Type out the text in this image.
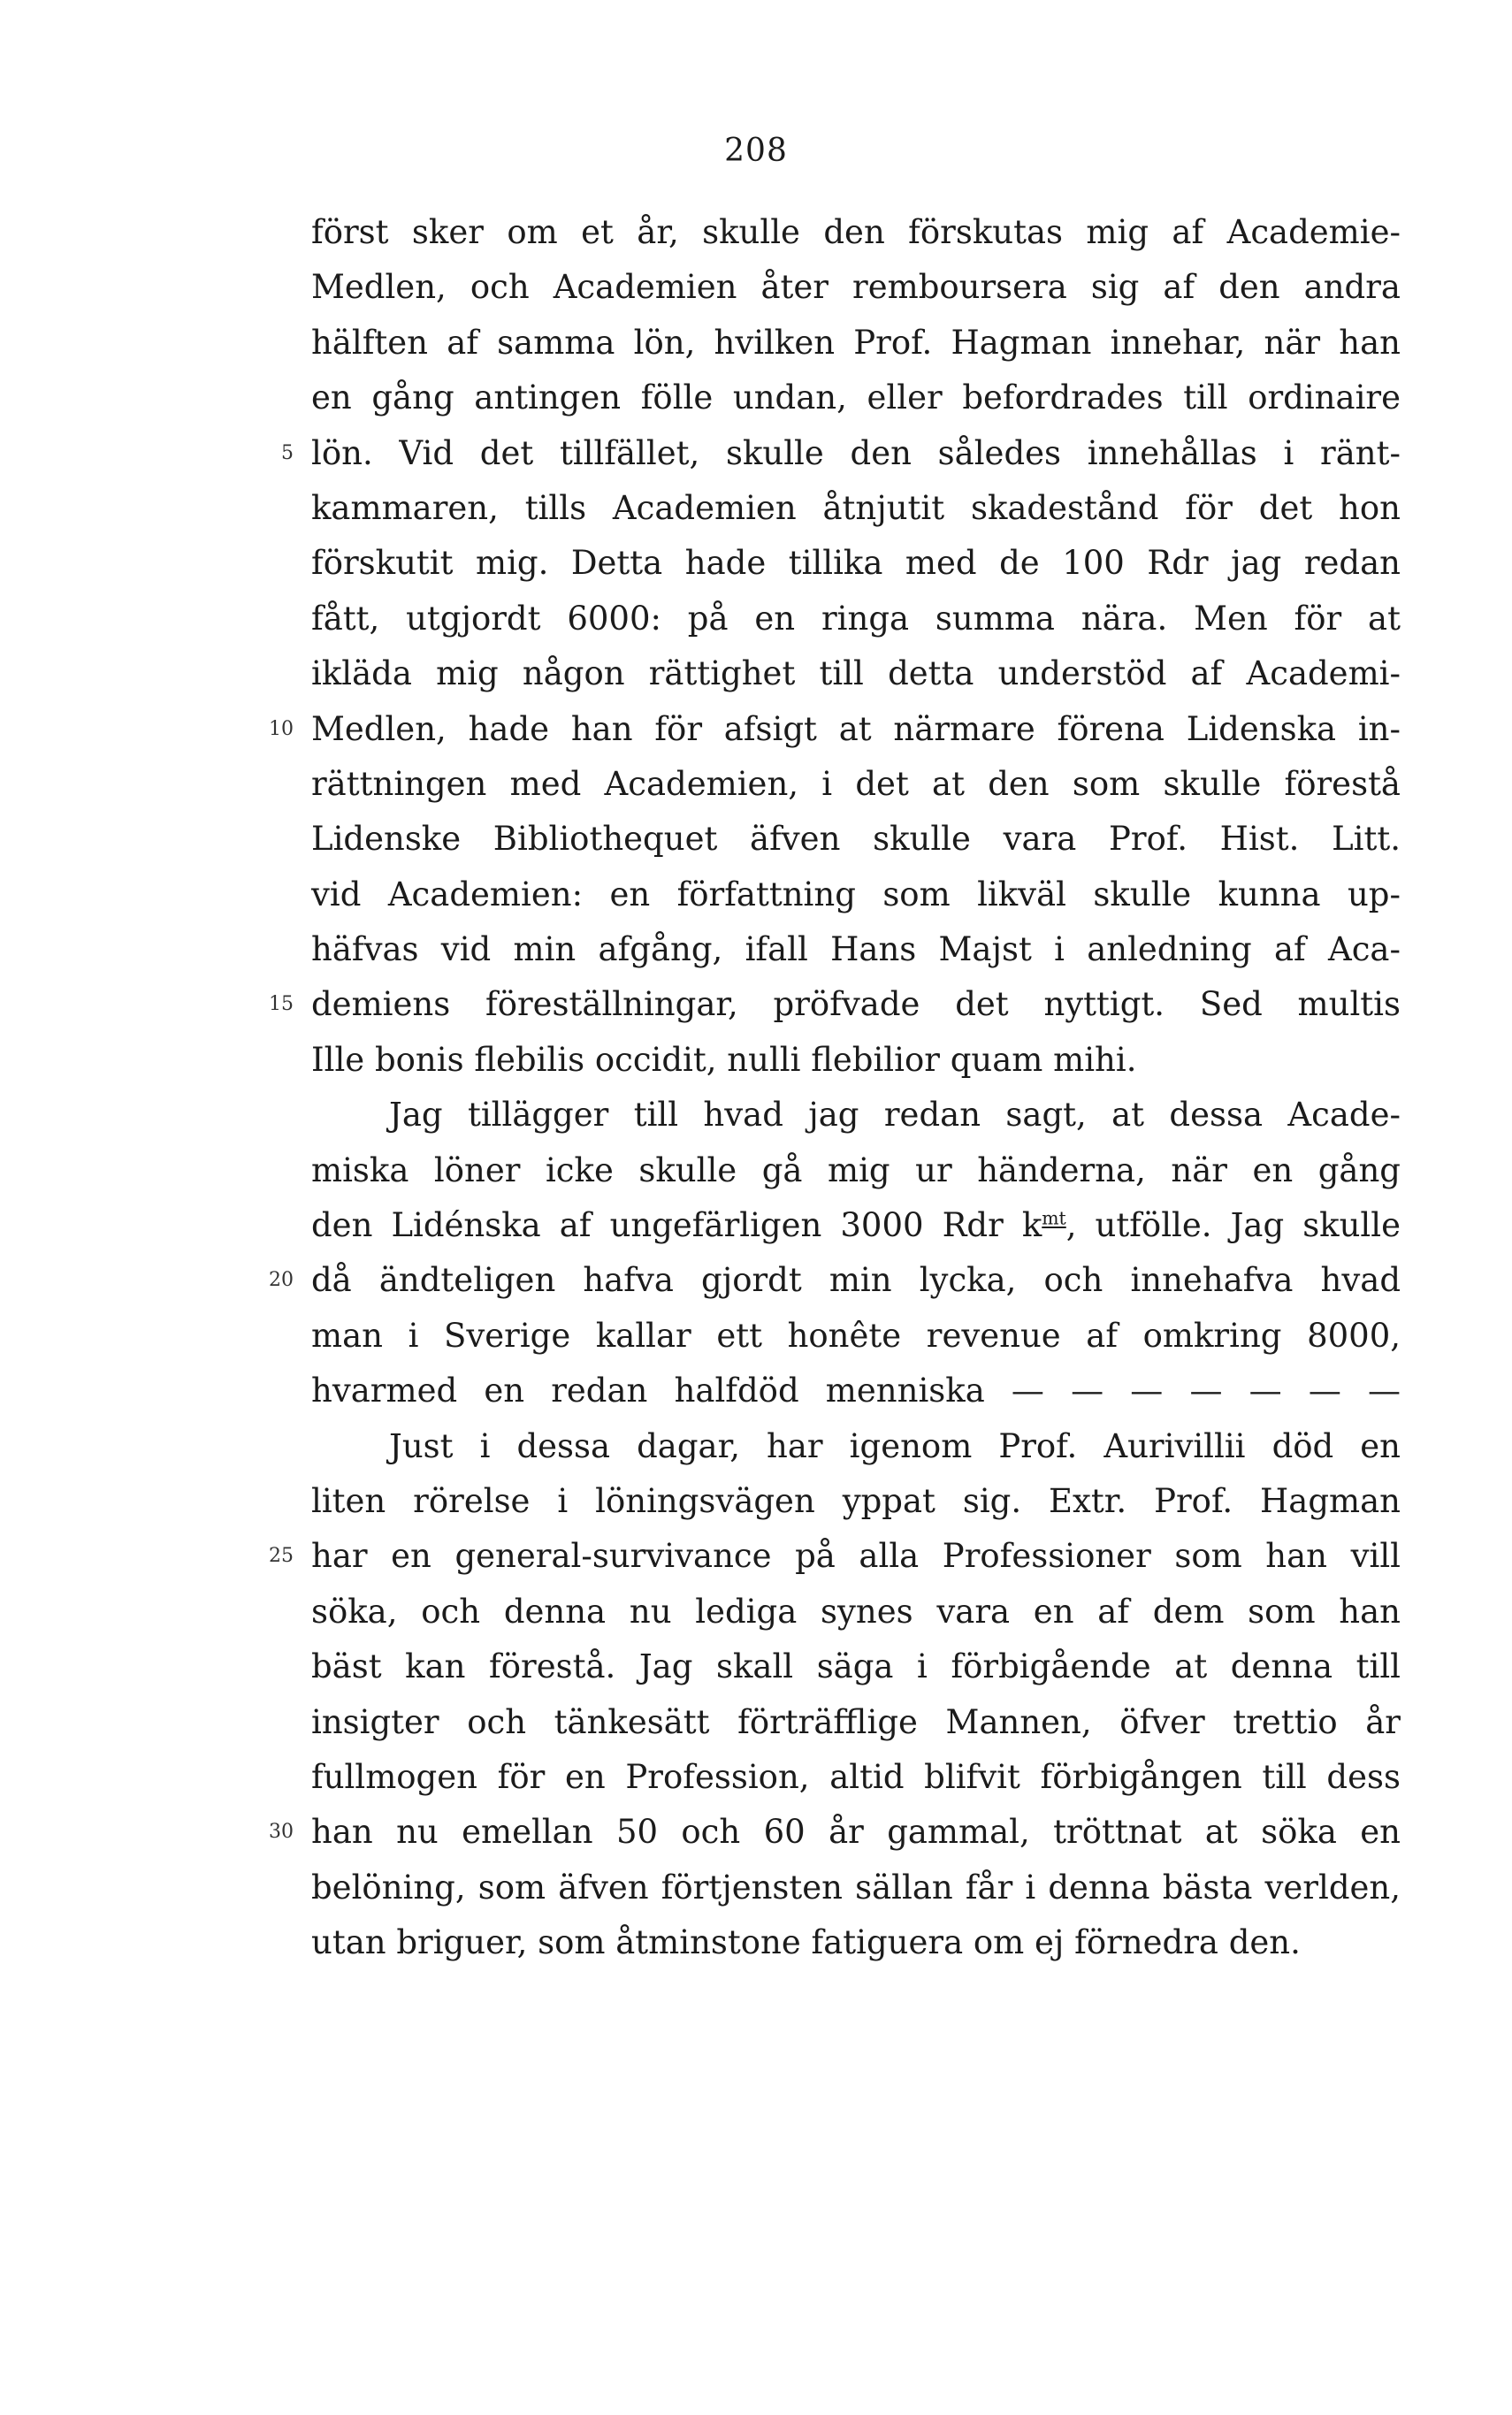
208
först sker om et år, skulle den förskutas mig af Academie-
Medlen, och Academien åter remboursera sig af den andra
hälften af samma lön, hvilken Prof. Hagman innehar, när han
en gång antingen fölle undan, eller befordrades till ordinaire
5 lön. Vid det tillfället, skulle den således innehållas i ränt-
kammaren, tills Academien åtnjutit skadestånd för det hon
förskutit mig. Detta hade tillika med de 100 Rdr jag redan
fått, utgjordt 6000: på en ringa summa nära. Men för at
ikläda mig någon rättighet till detta understöd af Academi-
10 Medlen, hade han för afsigt at närmare förena Lidenska in-
rättningen med Academien, i det at den som skulle förestå
Lidenske Bibliothequet äfven skulle vara Prof. Hist. Litt.
vid Academien: en författning som likväl skulle kunna up-
häfvas vid min afgång, ifall Hans Majst i anledning af Aca-
15 demiens föreställningar, pröfvade det nyttigt. Sed multis
Ille bonis flebilis occidit, nulli flebilior quam mihi.
Jag tillägger till hvad jag redan sagt, at dessa Acade-
miska löner icke skulle gå mig ur händerna, när en gång
den Lidénska af ungefärligen 3000 Rdr $k^{mt}$, utfölle. Jag skulle
20 då ändteligen hafva gjordt min lycka, och innehafva hvad
man i Sverige kallar ett honête revenue af omkring 8000,
hvarmed en redan halfdöd menniska — — — — — — —
Just i dessa dagar, har igenom Prof. Aurivillii död en
liten rörelse i löningsvägen yppat sig. Extr. Prof. Hagman
25 har en general-survivance på alla Professioner som han vill
söka, och denna nu lediga synes vara en af dem som han
bäst kan förestå. Jag skall säga i förbigående at denna till
insigter och tänkesätt förträfflige Mannen, öfver trettio år
fullmogen för en Profession, altid blifvit förbigången till dess
30 han nu emellan 50 och 60 år gammal, tröttnat at söka en
belöning, som äfven förtjensten sällan får i denna bästa verlden,
utan briguer, som åtminstone fatiguera om ej förnedra den.
